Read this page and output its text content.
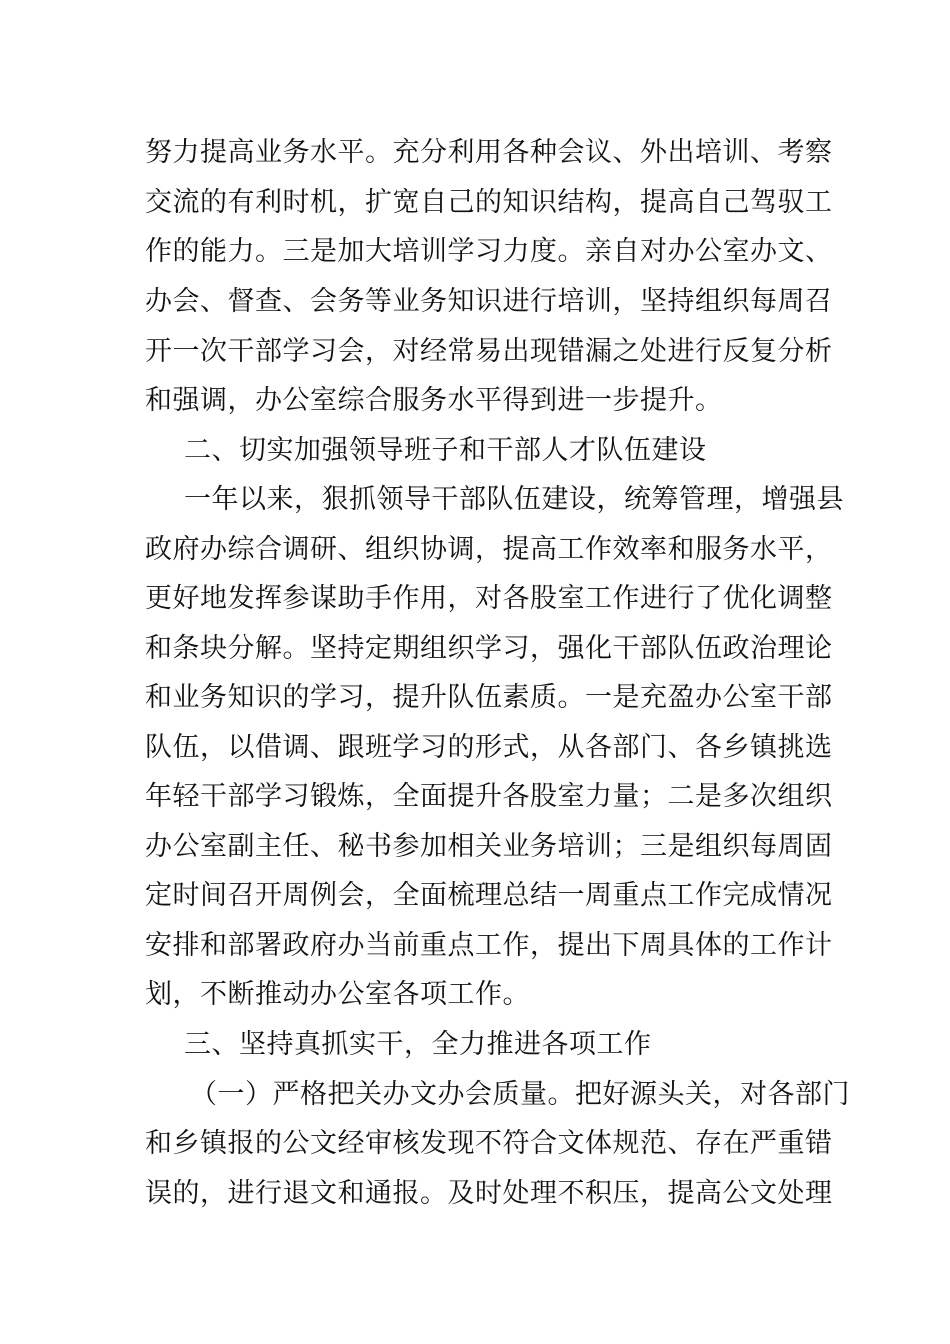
努力提高业务水平。充分利用各种会议、外出培训、考察
交流的有利时机，扩宽自己的知识结构，提高自己驾驭工
作的能力。三是加大培训学习力度。亲自对办公室办文、
办会、督查、会务等业务知识进行培训，坚持组织每周召
开一次干部学习会，对经常易出现错漏之处进行反复分析
和强调，办公室综合服务水平得到进一步提升。
二、切实加强领导班子和干部人才队伍建设
一年以来，狠抓领导干部队伍建设，统筹管理，增强县
政府办综合调研、组织协调，提高工作效率和服务水平，
更好地发挥参谋助手作用，对各股室工作进行了优化调整
和条块分解。坚持定期组织学习，强化干部队伍政治理论
和业务知识的学习，提升队伍素质。一是充盈办公室干部
队伍，以借调、跟班学习的形式，从各部门、各乡镇挑选
年轻干部学习锻炼，全面提升各股室力量；二是多次组织
办公室副主任、秘书参加相关业务培训；三是组织每周固
定时间召开周例会，全面梳理总结一周重点工作完成情况
安排和部署政府办当前重点工作，提出下周具体的工作计
划，不断推动办公室各项工作。
三、坚持真抓实干，全力推进各项工作
（一）严格把关办文办会质量。把好源头关，对各部门
和乡镇报的公文经审核发现不符合文体规范、存在严重错
误的，进行退文和通报。及时处理不积压，提高公文处理
